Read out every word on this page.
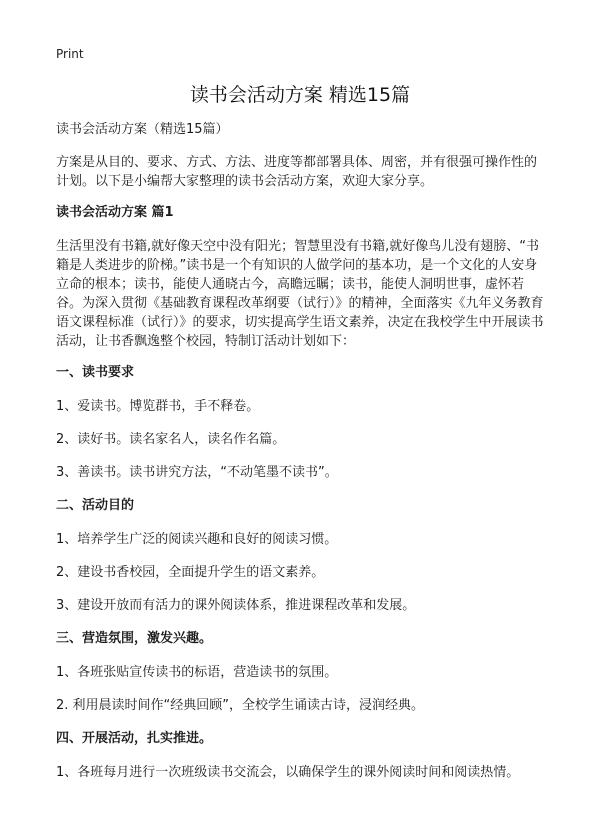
Print
读书会活动方案 精选15篇

读书会活动方案（精选15篇）

方案是从目的、要求、方式、方法、进度等都部署具体、周密，并有很强可操作性的计划。以下是小编帮大家整理的读书会活动方案，欢迎大家分享。

读书会活动方案 篇1

生活里没有书籍,就好像天空中没有阳光；智慧里没有书籍,就好像鸟儿没有翅膀、“书籍是人类进步的阶梯。”读书是一个有知识的人做学问的基本功，是一个文化的人安身立命的根本；读书，能使人通晓古今，高瞻远瞩；读书，能使人洞明世事，虚怀若谷。为深入贯彻《基础教育课程改革纲要（试行）》的精神，全面落实《九年义务教育语文课程标准（试行）》的要求，切实提高学生语文素养，决定在我校学生中开展读书活动，让书香飘逸整个校园，特制订活动计划如下：

一、读书要求

1、爱读书。博览群书，手不释卷。

2、读好书。读名家名人，读名作名篇。

3、善读书。读书讲究方法，“不动笔墨不读书”。

二、活动目的

1、培养学生广泛的阅读兴趣和良好的阅读习惯。

2、建设书香校园，全面提升学生的语文素养。

3、建设开放而有活力的课外阅读体系，推进课程改革和发展。

三、营造氛围，激发兴趣。

1、各班张贴宣传读书的标语，营造读书的氛围。

2. 利用晨读时间作“经典回顾”，全校学生诵读古诗，浸润经典。

四、开展活动，扎实推进。

1、各班每月进行一次班级读书交流会，以确保学生的课外阅读时间和阅读热情。
